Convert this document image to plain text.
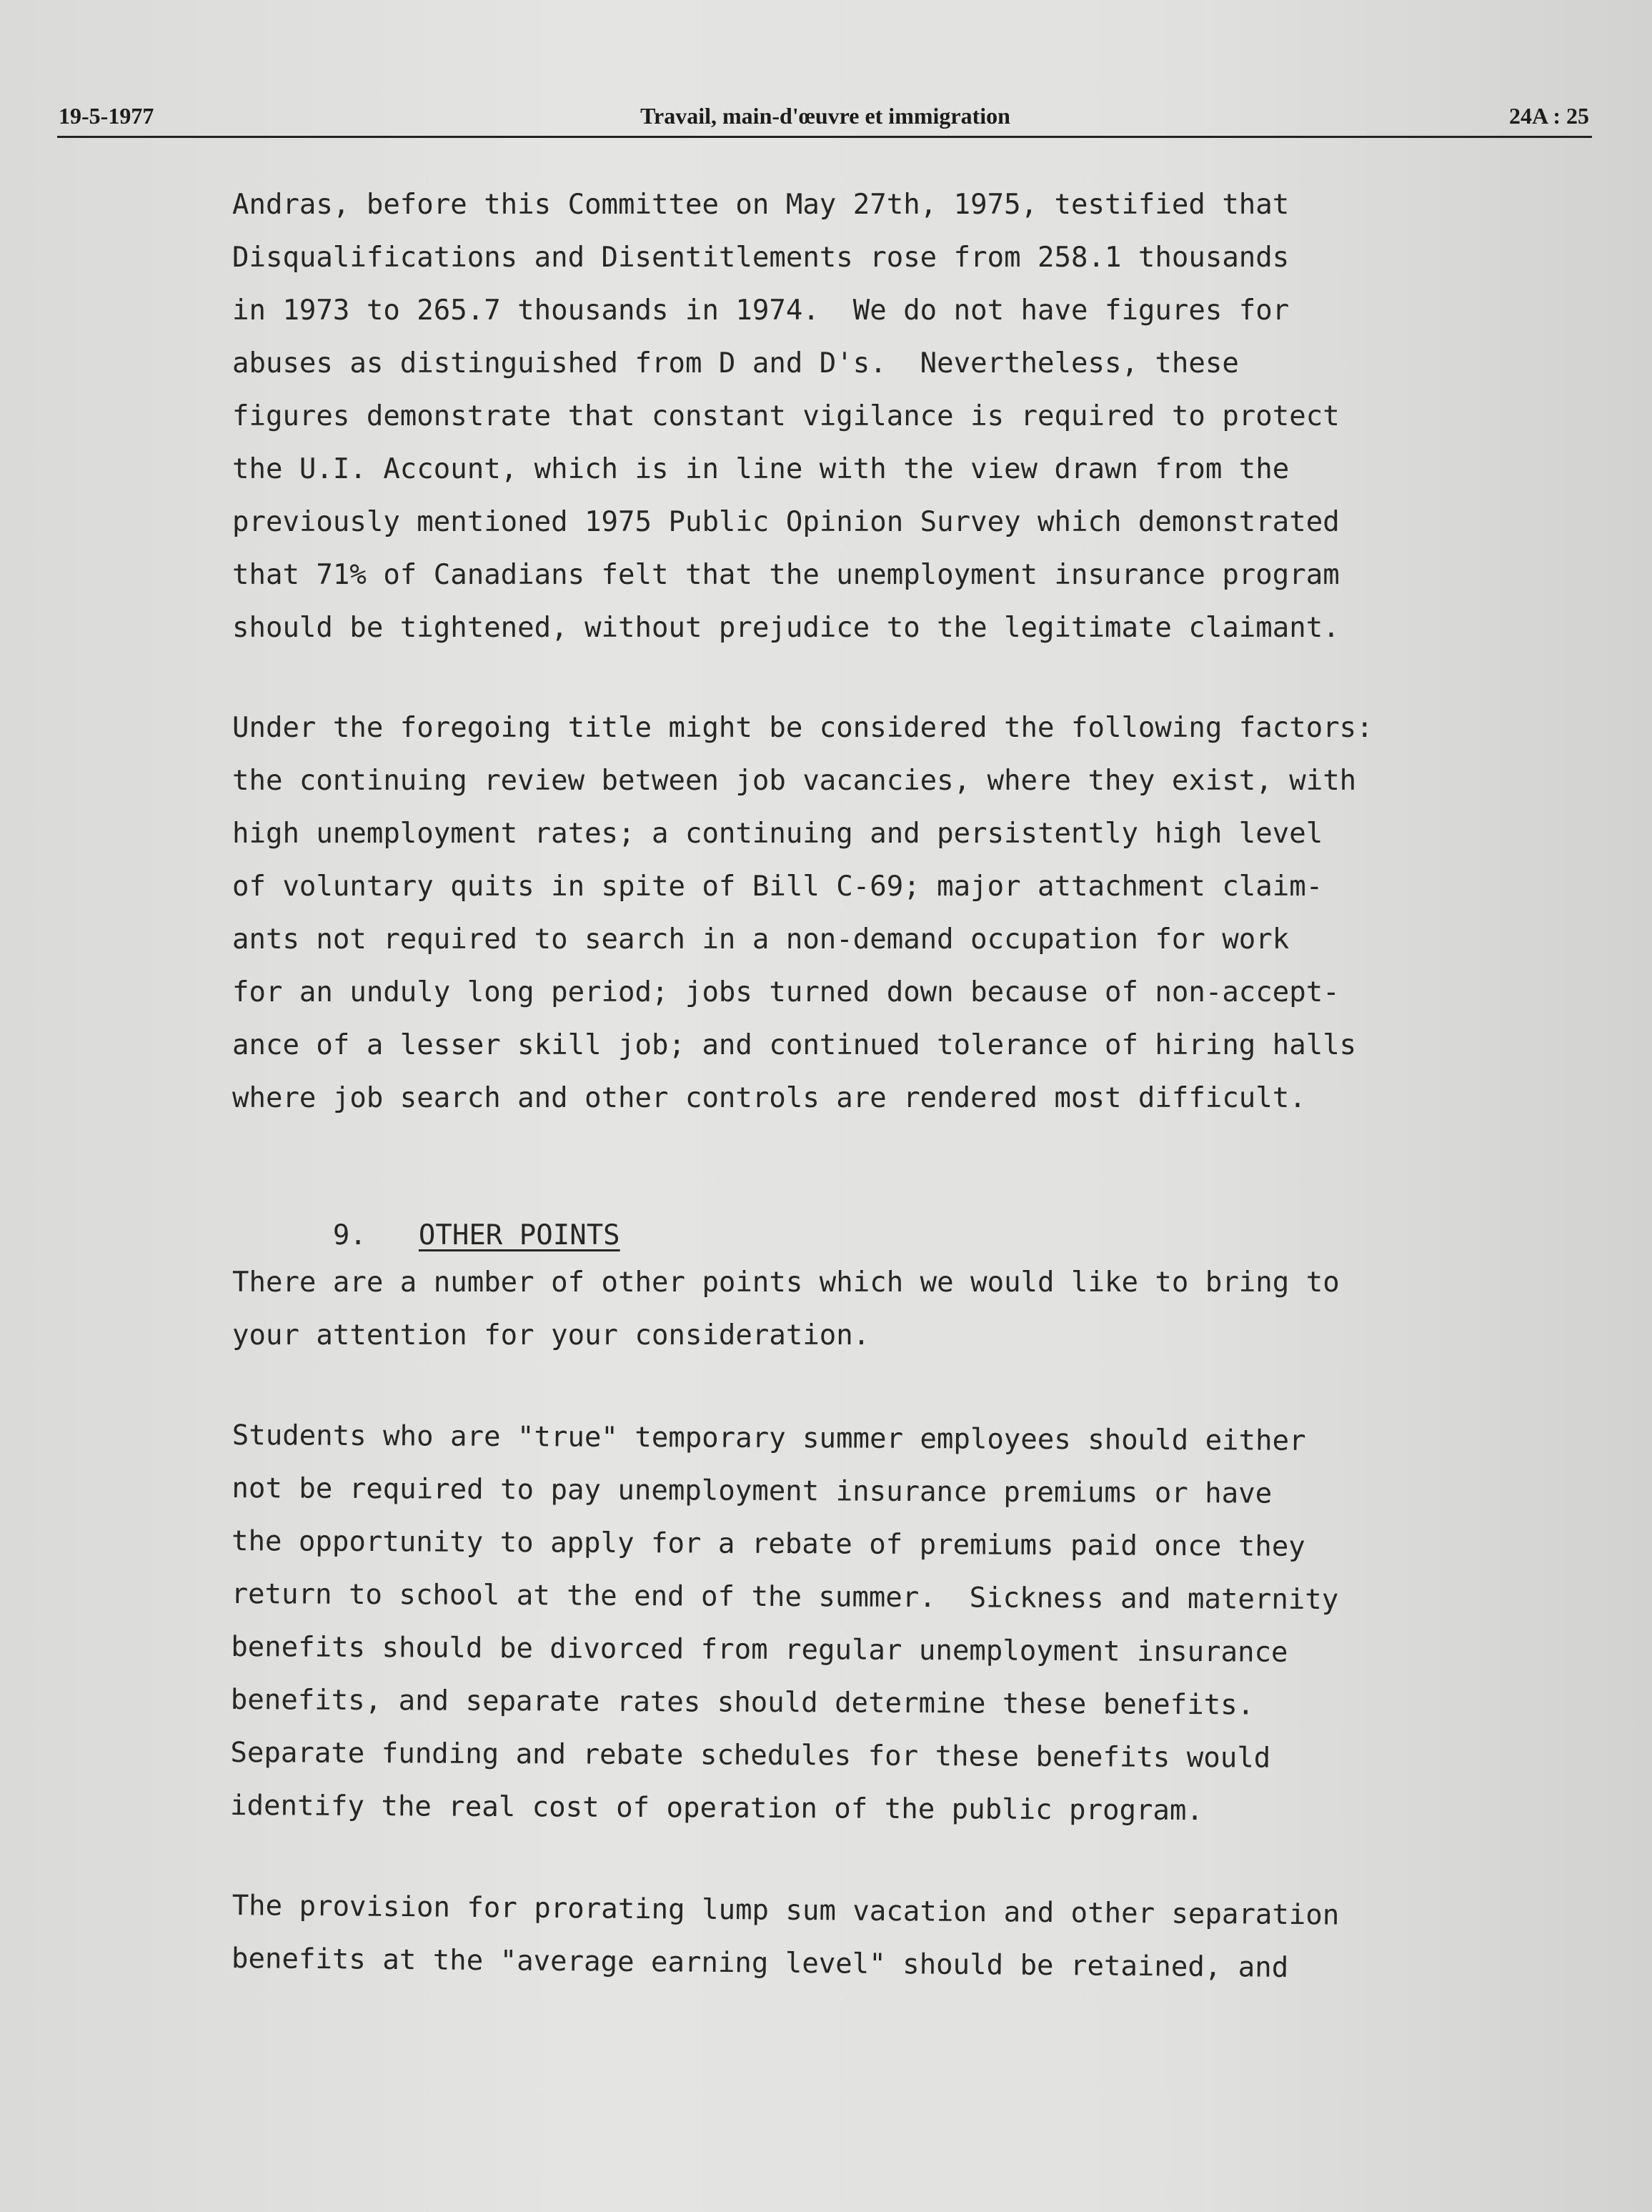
19-5-1977	Travail, main-d'œuvre et immigration	24A : 25
Andras, before this Committee on May 27th, 1975, testified that
Disqualifications and Disentitlements rose from 258.1 thousands
in 1973 to 265.7 thousands in 1974.  We do not have figures for
abuses as distinguished from D and D's.  Nevertheless, these
figures demonstrate that constant vigilance is required to protect
the U.I. Account, which is in line with the view drawn from the
previously mentioned 1975 Public Opinion Survey which demonstrated
that 71% of Canadians felt that the unemployment insurance program
should be tightened, without prejudice to the legitimate claimant.
Under the foregoing title might be considered the following factors:
the continuing review between job vacancies, where they exist, with
high unemployment rates; a continuing and persistently high level
of voluntary quits in spite of Bill C-69; major attachment claim-
ants not required to search in a non-demand occupation for work
for an unduly long period; jobs turned down because of non-accept-
ance of a lesser skill job; and continued tolerance of hiring halls
where job search and other controls are rendered most difficult.

9. OTHER POINTS

There are a number of other points which we would like to bring to
your attention for your consideration.
Students who are "true" temporary summer employees should either
not be required to pay unemployment insurance premiums or have
the opportunity to apply for a rebate of premiums paid once they
return to school at the end of the summer.  Sickness and maternity
benefits should be divorced from regular unemployment insurance
benefits, and separate rates should determine these benefits.
Separate funding and rebate schedules for these benefits would
identify the real cost of operation of the public program.
The provision for prorating lump sum vacation and other separation
benefits at the "average earning level" should be retained, and
